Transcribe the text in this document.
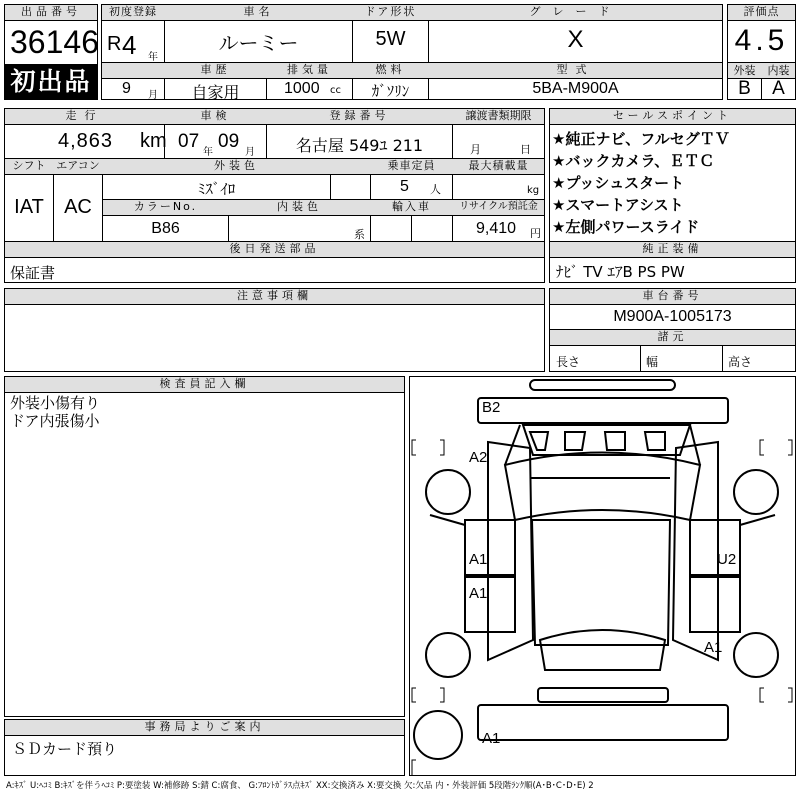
出品番号
36146
初出品
初度登録
R 4 年
9 月
車名
ルーミー
ドア形状
5W
グレード
X
評価点
4.5
車歴
自家用
排気量
1000 cc
燃料
ｶﾞｿﾘﾝ
型式
5BA-M900A
外装	内装
B	A
走行
4,863 km
車検
07
年
09
月
登録番号
名古屋 549ﾕ 211
譲渡書類期限
月	日
シフト
IAT
エアコン
AC
外装色
ﾐｽﾞｲﾛ
乗車定員
5 人
最大積載量
kg
カラーNo.
B86
内装色
系
輸入車	リサイクル預託金
9,410 円
後日発送部品
保証書
セールスポイント
★純正ナビ、フルセグＴＶ
★バックカメラ、ＥＴＣ
★プッシュスタート
★スマートアシスト
★左側パワースライド
純正装備
ﾅﾋﾞ TV ｴｱB PS PW
注意事項欄	車台番号
M900A-1005173
諸元
長さ	幅	高さ
検査員記入欄
外装小傷有り
ドア内張傷小
事務局よりご案内
ＳＤカード預り
B2
A2
A1
A1
U2
A1
A1
A:ｷｽﾞ U:ﾍｺﾐ B:ｷｽﾞを伴うﾍｺﾐ P:要塗装 W:補修跡 S:錆 C:腐食、 G:ﾌﾛﾝﾄｶﾞﾗｽ点ｷｽﾞ XX:交換済み X:要交換 欠:欠品 内・外装評価 5段階ﾗﾝｸ順(A･B･C･D･E) 2
